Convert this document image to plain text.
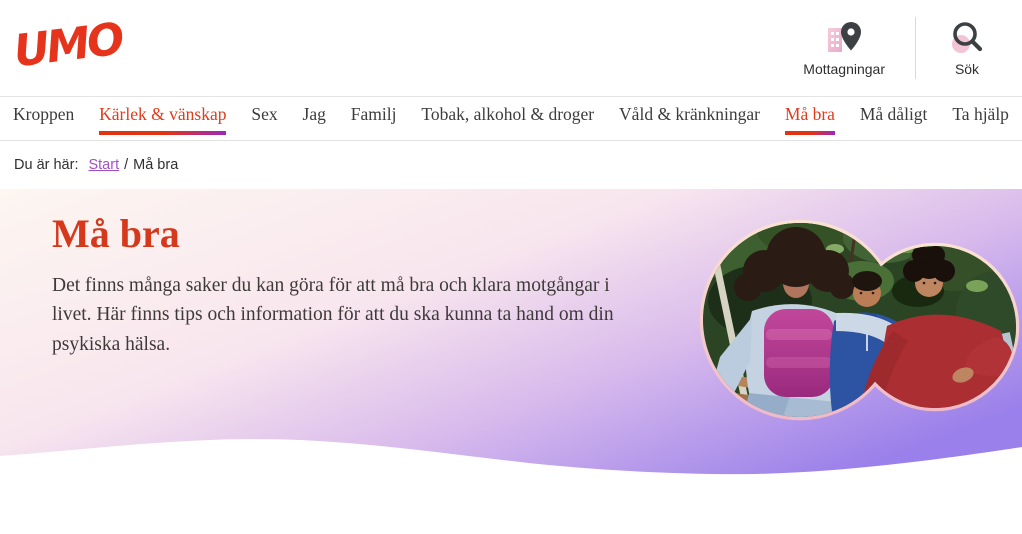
UMO	Mottagningar	Sök
Kroppen Kärlek & vänskap Sex Jag Familj Tobak, alkohol & droger Våld & kränkningar Må bra Må dåligt Ta hjälp
Du är här: Start / Må bra
Må bra

Det finns många saker du kan göra för att må bra och klara motgångar i livet. Här finns tips och information för att du ska kunna ta hand om din psykiska hälsa.
